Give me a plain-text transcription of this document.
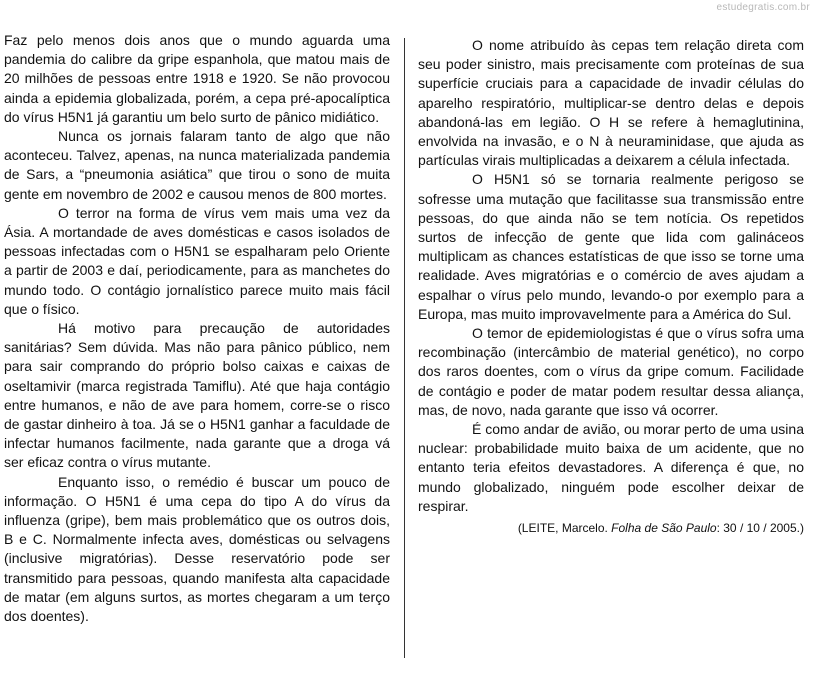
estudegratis.com.br

Faz pelo menos dois anos que o mundo aguarda uma pandemia do calibre da gripe espanhola, que matou mais de 20 milhões de pessoas entre 1918 e 1920. Se não provocou ainda a epidemia globalizada, porém, a cepa pré-apocalíptica do vírus H5N1 já garantiu um belo surto de pânico midiático.

Nunca os jornais falaram tanto de algo que não aconteceu. Talvez, apenas, na nunca materializada pandemia de Sars, a “pneumonia asiática” que tirou o sono de muita gente em novembro de 2002 e causou menos de 800 mortes.

O terror na forma de vírus vem mais uma vez da Ásia. A mortandade de aves domésticas e casos isolados de pessoas infectadas com o H5N1 se espalharam pelo Oriente a partir de 2003 e daí, periodicamente, para as manchetes do mundo todo. O contágio jornalístico parece muito mais fácil que o físico.

Há motivo para precaução de autoridades sanitárias? Sem dúvida. Mas não para pânico público, nem para sair comprando do próprio bolso caixas e caixas de oseltamivir (marca registrada Tamiflu). Até que haja contágio entre humanos, e não de ave para homem, corre-se o risco de gastar dinheiro à toa. Já se o H5N1 ganhar a faculdade de infectar humanos facilmente, nada garante que a droga vá ser eficaz contra o vírus mutante.

Enquanto isso, o remédio é buscar um pouco de informação. O H5N1 é uma cepa do tipo A do vírus da influenza (gripe), bem mais problemático que os outros dois, B e C. Normalmente infecta aves, domésticas ou selvagens (inclusive migratórias). Desse reservatório pode ser transmitido para pessoas, quando manifesta alta capacidade de matar (em alguns surtos, as mortes chegaram a um terço dos doentes).

O nome atribuído às cepas tem relação direta com seu poder sinistro, mais precisamente com proteínas de sua superfície cruciais para a capacidade de invadir células do aparelho respiratório, multiplicar-se dentro delas e depois abandoná-las em legião. O H se refere à hemaglutinina, envolvida na invasão, e o N à neuraminidase, que ajuda as partículas virais multiplicadas a deixarem a célula infectada.

O H5N1 só se tornaria realmente perigoso se sofresse uma mutação que facilitasse sua transmissão entre pessoas, do que ainda não se tem notícia. Os repetidos surtos de infecção de gente que lida com galináceos multiplicam as chances estatísticas de que isso se torne uma realidade. Aves migratórias e o comércio de aves ajudam a espalhar o vírus pelo mundo, levando-o por exemplo para a Europa, mas muito improvavelmente para a América do Sul.

O temor de epidemiologistas é que o vírus sofra uma recombinação (intercâmbio de material genético), no corpo dos raros doentes, com o vírus da gripe comum. Facilidade de contágio e poder de matar podem resultar dessa aliança, mas, de novo, nada garante que isso vá ocorrer.

É como andar de avião, ou morar perto de uma usina nuclear: probabilidade muito baixa de um acidente, que no entanto teria efeitos devastadores. A diferença é que, no mundo globalizado, ninguém pode escolher deixar de respirar.

(LEITE, Marcelo. Folha de São Paulo: 30 / 10 / 2005.)
